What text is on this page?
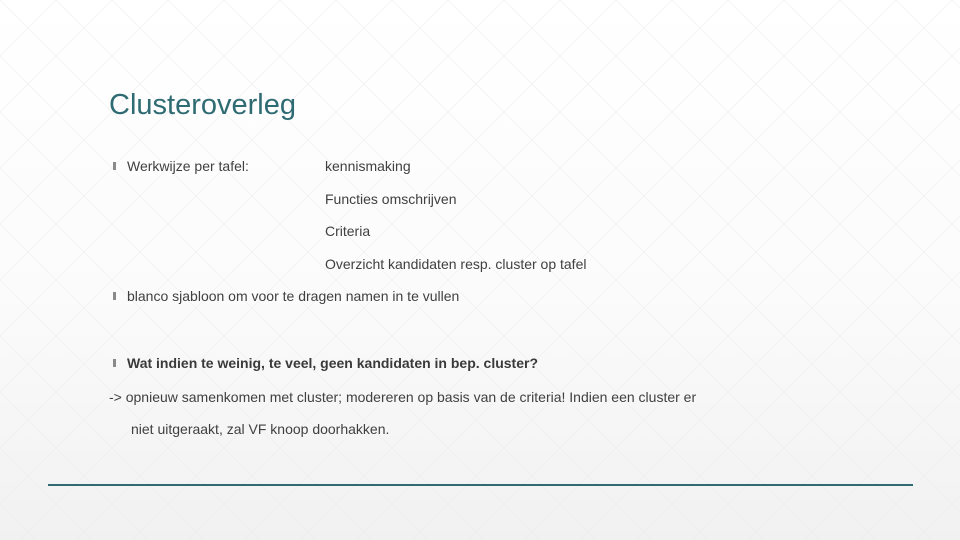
Clusteroverleg
Werkwijze per tafel:	kennismaking
Functies omschrijven
Criteria
Overzicht kandidaten resp. cluster op tafel
blanco sjabloon om voor te dragen namen in te vullen
Wat indien te weinig, te veel, geen kandidaten in bep. cluster?
-> opnieuw samenkomen met cluster; modereren op basis van de criteria! Indien een cluster er
niet uitgeraakt, zal VF knoop doorhakken.
